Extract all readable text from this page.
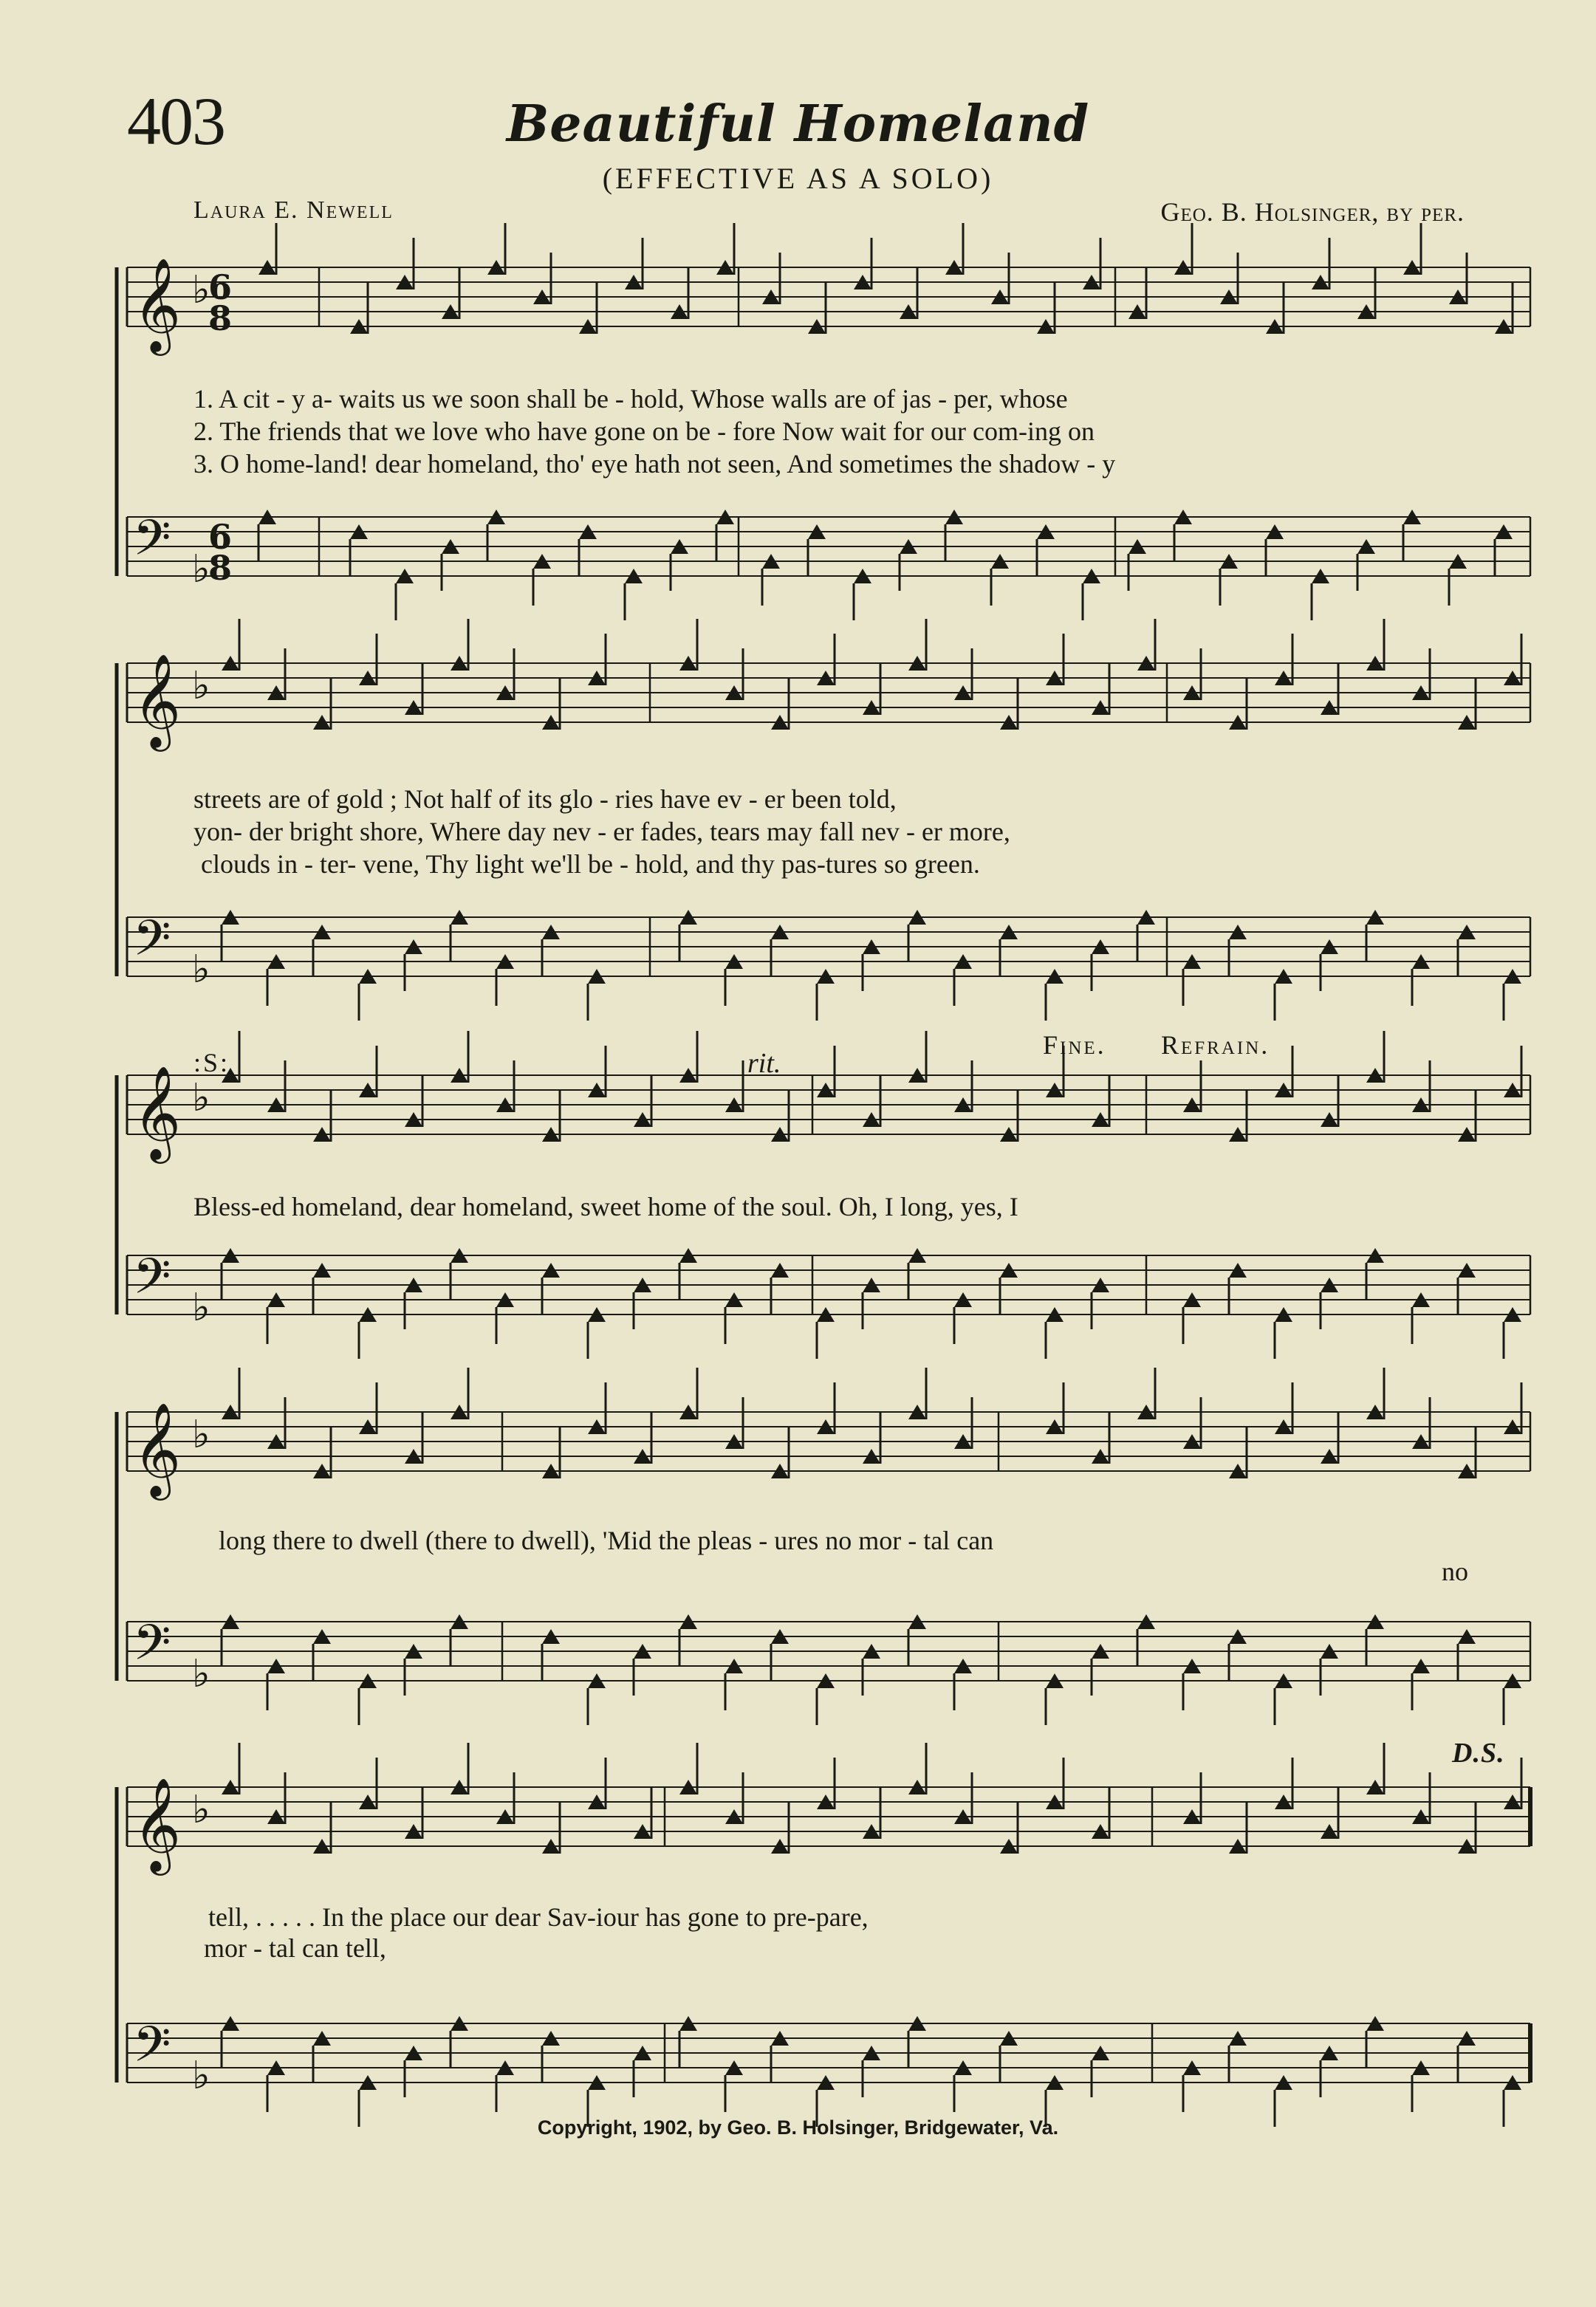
𝄞
𝄢
♭
♭
𝄞
𝄢
♭
♭
𝄞
𝄢
♭
♭
𝄞
𝄢
♭
♭
𝄞
𝄢
♭
♭
6
8
6
8
403	Beautiful Homeland
(EFFECTIVE AS A SOLO)
Laura E. Newell	Geo. B. Holsinger, by per.
1. A cit - y a- waits us we soon shall be - hold, Whose walls are of jas - per, whose
2. The friends that we love who have gone on be - fore Now wait for our com-ing on
3. O home-land! dear homeland, tho' eye hath not seen, And sometimes the shadow - y
streets are of gold ; Not half of its glo - ries have ev - er been told,
yon- der bright shore, Where day nev - er fades, tears may fall nev - er more,
clouds in - ter- vene, Thy light we'll be - hold, and thy pas-tures so green.
:S:	rit.
Fine. Refrain.
Bless-ed homeland, dear homeland, sweet home of the soul. Oh, I long, yes, I
long there to dwell (there to dwell), 'Mid the pleas - ures no mor - tal can
no
D.S.
tell, . . . . . In the place our dear Sav-iour has gone to pre-pare,
mor - tal can tell,
Copyright, 1902, by Geo. B. Holsinger, Bridgewater, Va.
